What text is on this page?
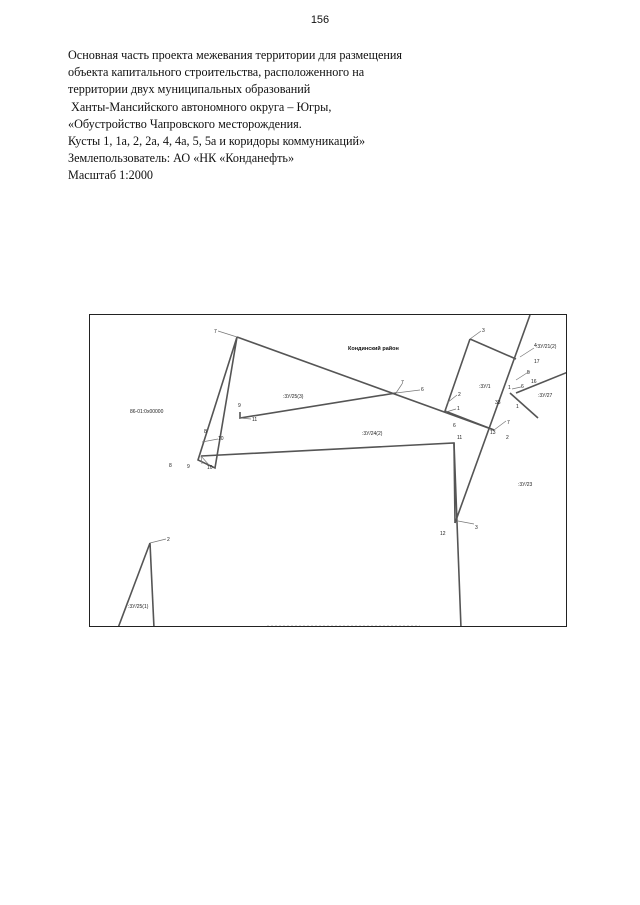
156
Основная часть проекта межевания территории для размещения
объекта капитального строительства, расположенного на
территории двух муниципальных образований
Ханты-Мансийского автономного округа – Югры,
«Обустройство Чапровского месторождения.
Кусты 1, 1а, 2, 2а, 4, 4а, 5, 5а и коридоры коммуникаций»
Землепользователь: АО «НК «Конданефть»
Масштаб 1:2000
Кондинский район
86-01:0x00000
:3У/25(3)
:3У/24(2)
:3У/23
:3У/25(1)
:3У/21(2)
:3У/1
:3У/27
7
7
6
9
11
8
10
8	9	10
3
2
1
6
11
4
17
5
16
1 6
33
1
7
13
2
3
12
2
